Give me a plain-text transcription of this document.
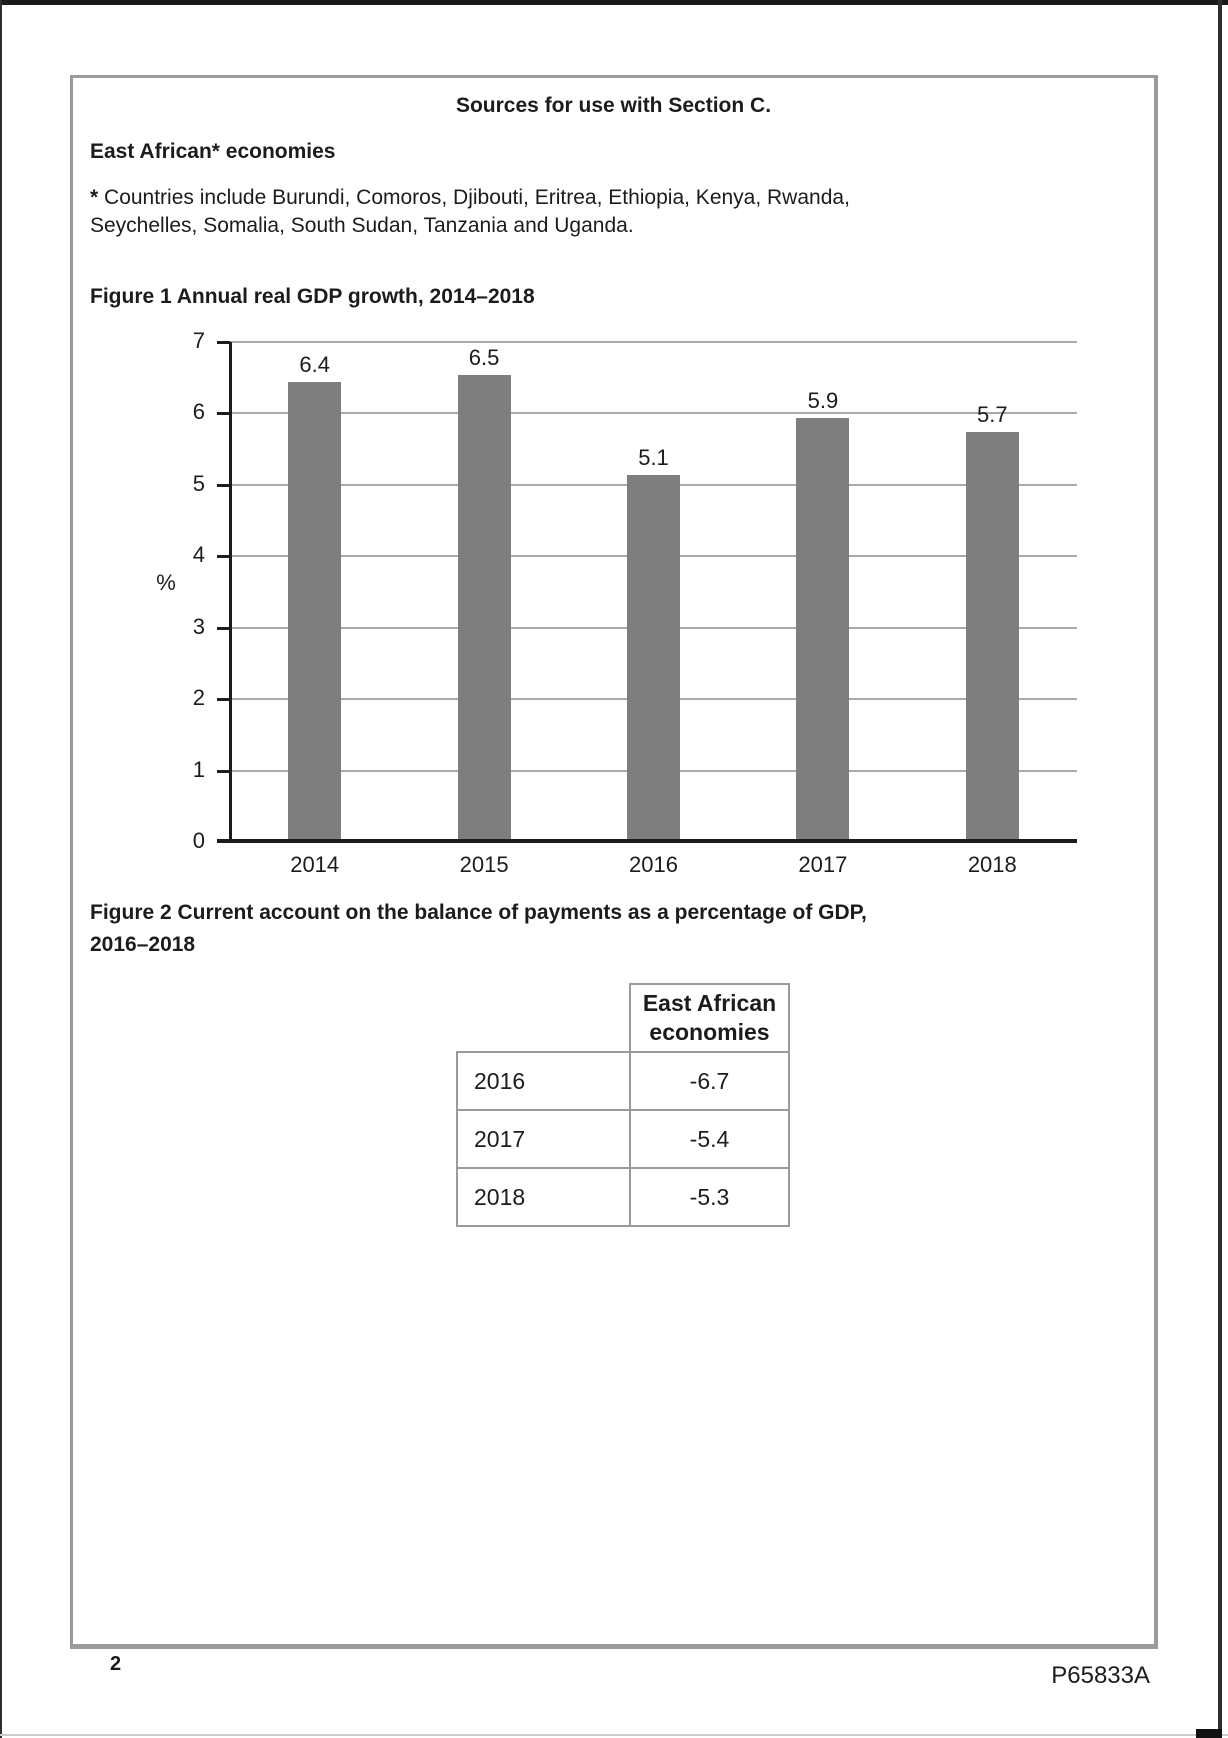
Sources for use with Section C.
East African* economies
* Countries include Burundi, Comoros, Djibouti, Eritrea, Ethiopia, Kenya, Rwanda,
Seychelles, Somalia, South Sudan, Tanzania and Uganda.
Figure 1 Annual real GDP growth, 2014–2018
%
0
1
2
3
4
5
6
7
6.4
2014
6.5
2015
5.1
2016
5.9
2017
5.7
2018
Figure 2 Current account on the balance of payments as a percentage of GDP,
2016–2018
	East African
economies
2016	-6.7
2017	-5.4
2018	-5.3
2	P65833A
